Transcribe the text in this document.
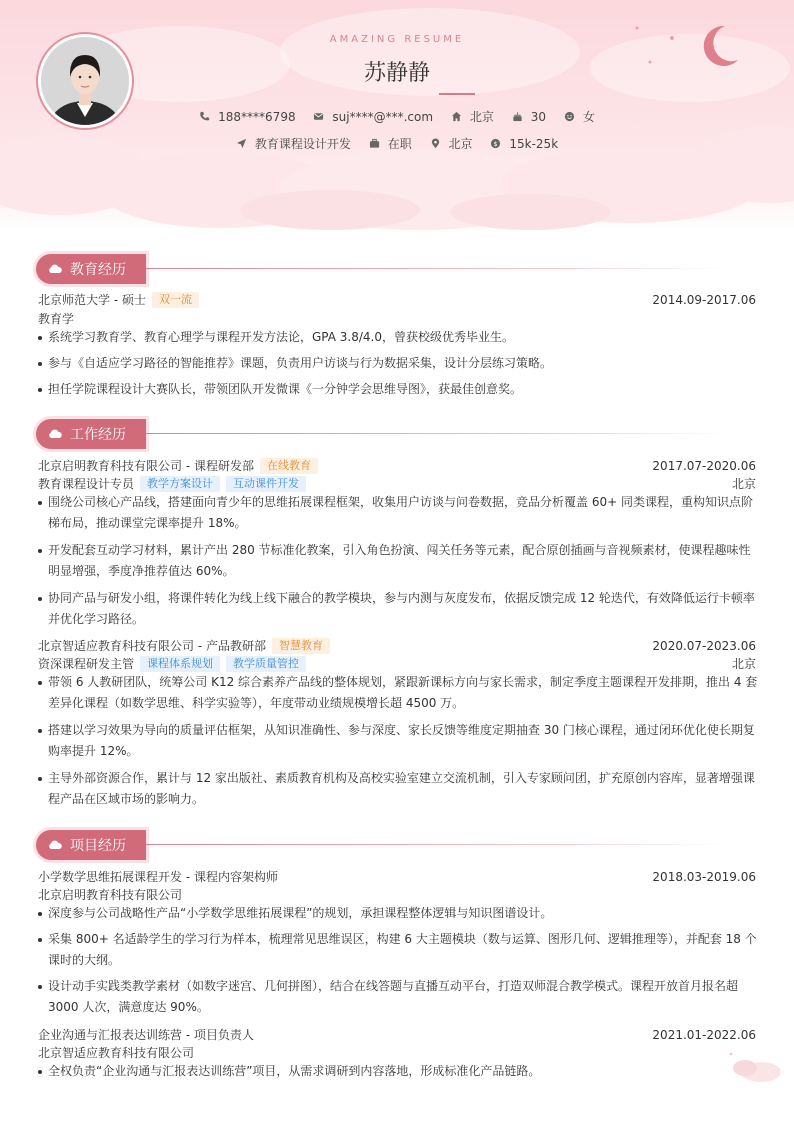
AMAZING RESUME
苏静静
188****6798
	suj****@***.com
	北京
	30
	女
教育课程设计开发
	在职
	北京
	$ 15k-25k
教育经历
北京师范大学 - 硕士	双一流	2014.09-2017.06
教育学
系统学习教育学、教育心理学与课程开发方法论，GPA 3.8/4.0，曾获校级优秀毕业生。
参与《自适应学习路径的智能推荐》课题，负责用户访谈与行为数据采集，设计分层练习策略。
担任学院课程设计大赛队长，带领团队开发微课《一分钟学会思维导图》，获最佳创意奖。
工作经历
北京启明教育科技有限公司 - 课程研发部	在线教育	2017.07-2020.06
教育课程设计专员	教学方案设计	互动课件开发	北京
围绕公司核心产品线，搭建面向青少年的思维拓展课程框架，收集用户访谈与问卷数据，竞品分析覆盖 60+ 同类课程，重构知识点阶梯布局，推动课堂完课率提升 18%。
开发配套互动学习材料，累计产出 280 节标准化教案，引入角色扮演、闯关任务等元素，配合原创插画与音视频素材，使课程趣味性明显增强，季度净推荐值达 60%。
协同产品与研发小组，将课件转化为线上线下融合的教学模块，参与内测与灰度发布，依据反馈完成 12 轮迭代，有效降低运行卡顿率并优化学习路径。
北京智适应教育科技有限公司 - 产品教研部	智慧教育	2020.07-2023.06
资深课程研发主管	课程体系规划	教学质量管控	北京
带领 6 人教研团队，统筹公司 K12 综合素养产品线的整体规划，紧跟新课标方向与家长需求，制定季度主题课程开发排期，推出 4 套差异化课程（如数学思维、科学实验等），年度带动业绩规模增长超 4500 万。
搭建以学习效果为导向的质量评估框架，从知识准确性、参与深度、家长反馈等维度定期抽查 30 门核心课程，通过闭环优化使长期复购率提升 12%。
主导外部资源合作，累计与 12 家出版社、素质教育机构及高校实验室建立交流机制，引入专家顾问团，扩充原创内容库，显著增强课程产品在区域市场的影响力。
项目经历
小学数学思维拓展课程开发 - 课程内容架构师	2018.03-2019.06
北京启明教育科技有限公司
深度参与公司战略性产品“小学数学思维拓展课程”的规划，承担课程整体逻辑与知识图谱设计。
采集 800+ 名适龄学生的学习行为样本，梳理常见思维误区，构建 6 大主题模块（数与运算、图形几何、逻辑推理等），并配套 18 个课时的大纲。
设计动手实践类教学素材（如数字迷宫、几何拼图），结合在线答题与直播互动平台，打造双师混合教学模式。课程开放首月报名超 3000 人次，满意度达 90%。
企业沟通与汇报表达训练营 - 项目负责人	2021.01-2022.06
北京智适应教育科技有限公司
全权负责“企业沟通与汇报表达训练营”项目，从需求调研到内容落地，形成标准化产品链路。
